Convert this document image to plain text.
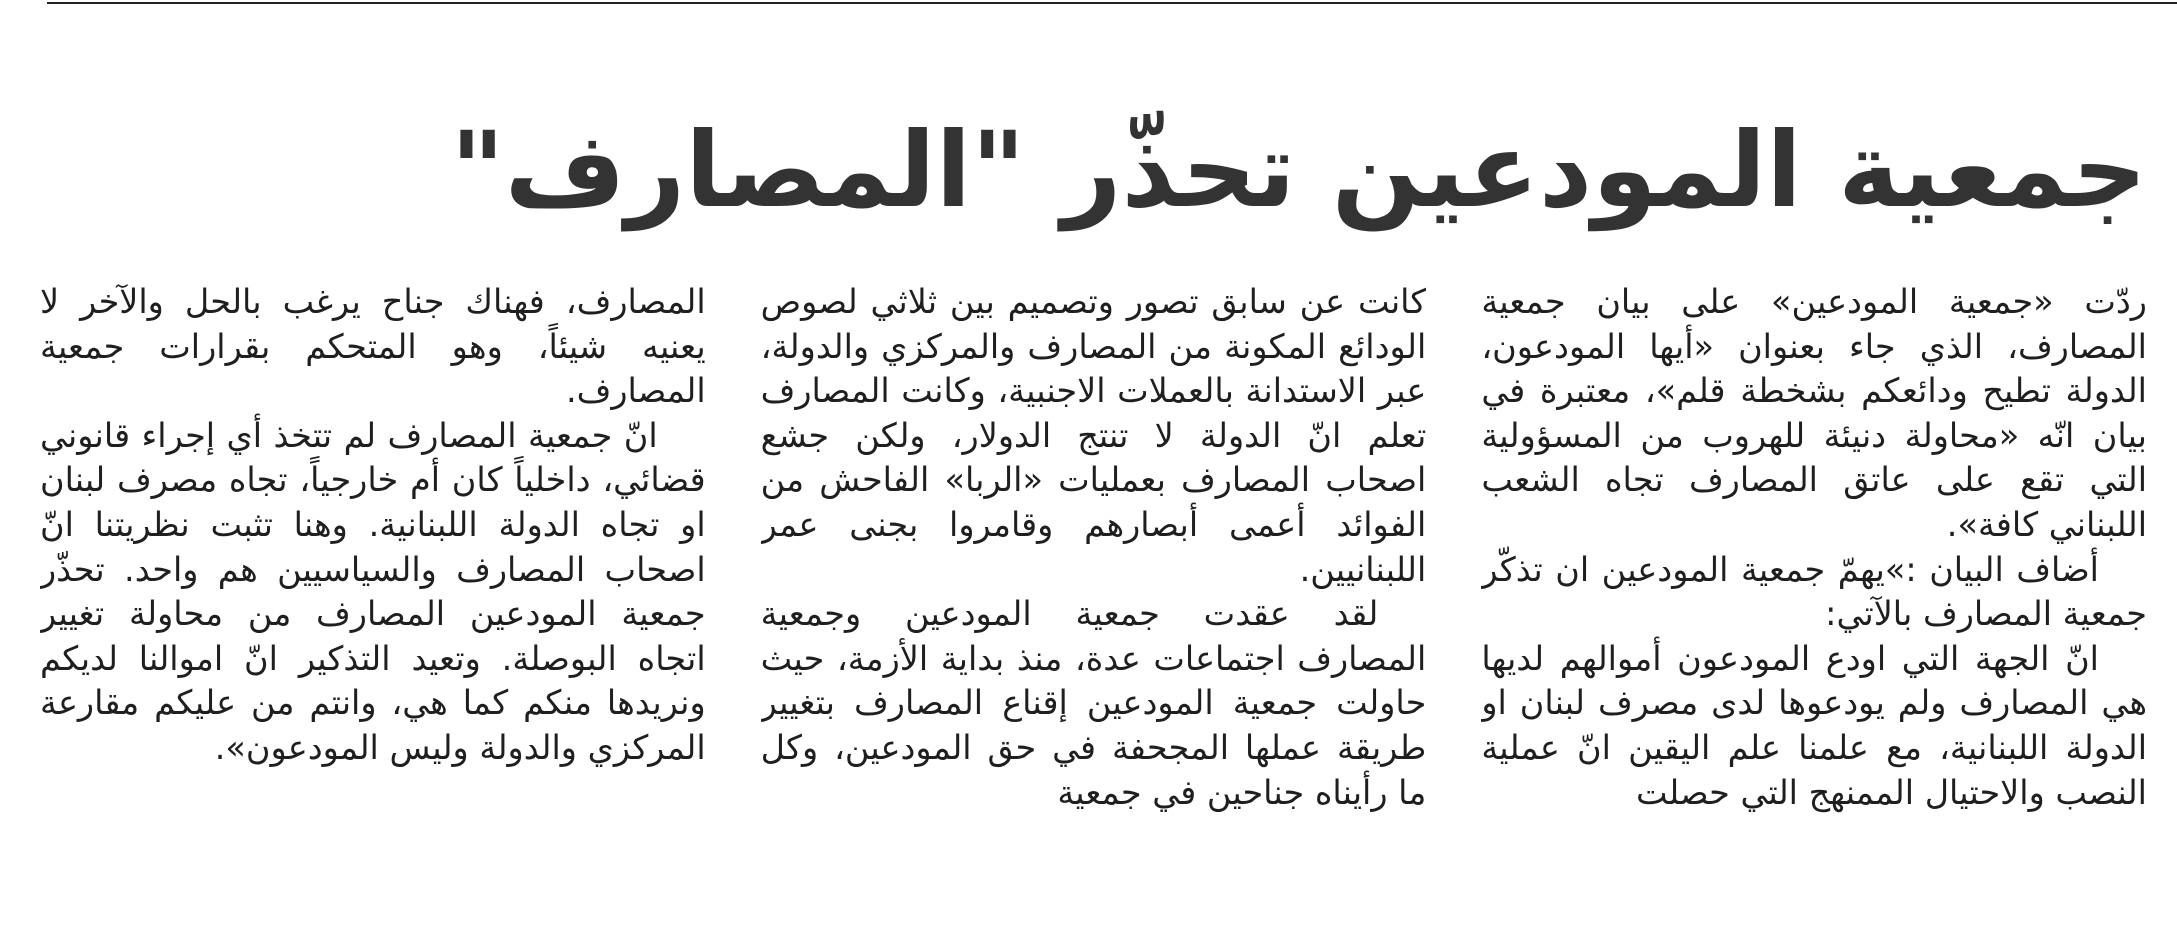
جمعية المودعين تحذّر "المصارف"

ردّت «جمعية المودعين» على بيان جمعية المصارف، الذي جاء بعنوان «أيها المودعون، الدولة تطيح ودائعكم بشخطة قلم»، معتبرة في بيان انّه «محاولة دنيئة للهروب من المسؤولية التي تقع على عاتق المصارف تجاه الشعب اللبناني كافة».

أضاف البيان :»يهمّ جمعية المودعين ان تذكّر جمعية المصارف بالآتي:

انّ الجهة التي اودع المودعون أموالهم لديها هي المصارف ولم يودعوها لدى مصرف لبنان او الدولة اللبنانية، مع علمنا علم اليقين انّ عملية النصب والاحتيال الممنهج التي حصلت

كانت عن سابق تصور وتصميم بين ثلاثي لصوص الودائع المكونة من المصارف والمركزي والدولة، عبر الاستدانة بالعملات الاجنبية، وكانت المصارف تعلم انّ الدولة لا تنتج الدولار، ولكن جشع اصحاب المصارف بعمليات «الربا» الفاحش من الفوائد أعمى أبصارهم وقامروا بجنى عمر اللبنانيين.

لقد عقدت جمعية المودعين وجمعية المصارف اجتماعات عدة، منذ بداية الأزمة، حيث حاولت جمعية المودعين إقناع المصارف بتغيير طريقة عملها المجحفة في حق المودعين، وكل ما رأيناه جناحين في جمعية

المصارف، فهناك جناح يرغب بالحل والآخر لا يعنيه شيئاً، وهو المتحكم بقرارات جمعية المصارف.

انّ جمعية المصارف لم تتخذ أي إجراء قانوني قضائي، داخلياً كان أم خارجياً، تجاه مصرف لبنان او تجاه الدولة اللبنانية. وهنا تثبت نظريتنا انّ اصحاب المصارف والسياسيين هم واحد. تحذّر جمعية المودعين المصارف من محاولة تغيير اتجاه البوصلة. وتعيد التذكير انّ اموالنا لديكم ونريدها منكم كما هي، وانتم من عليكم مقارعة المركزي والدولة وليس المودعون».
